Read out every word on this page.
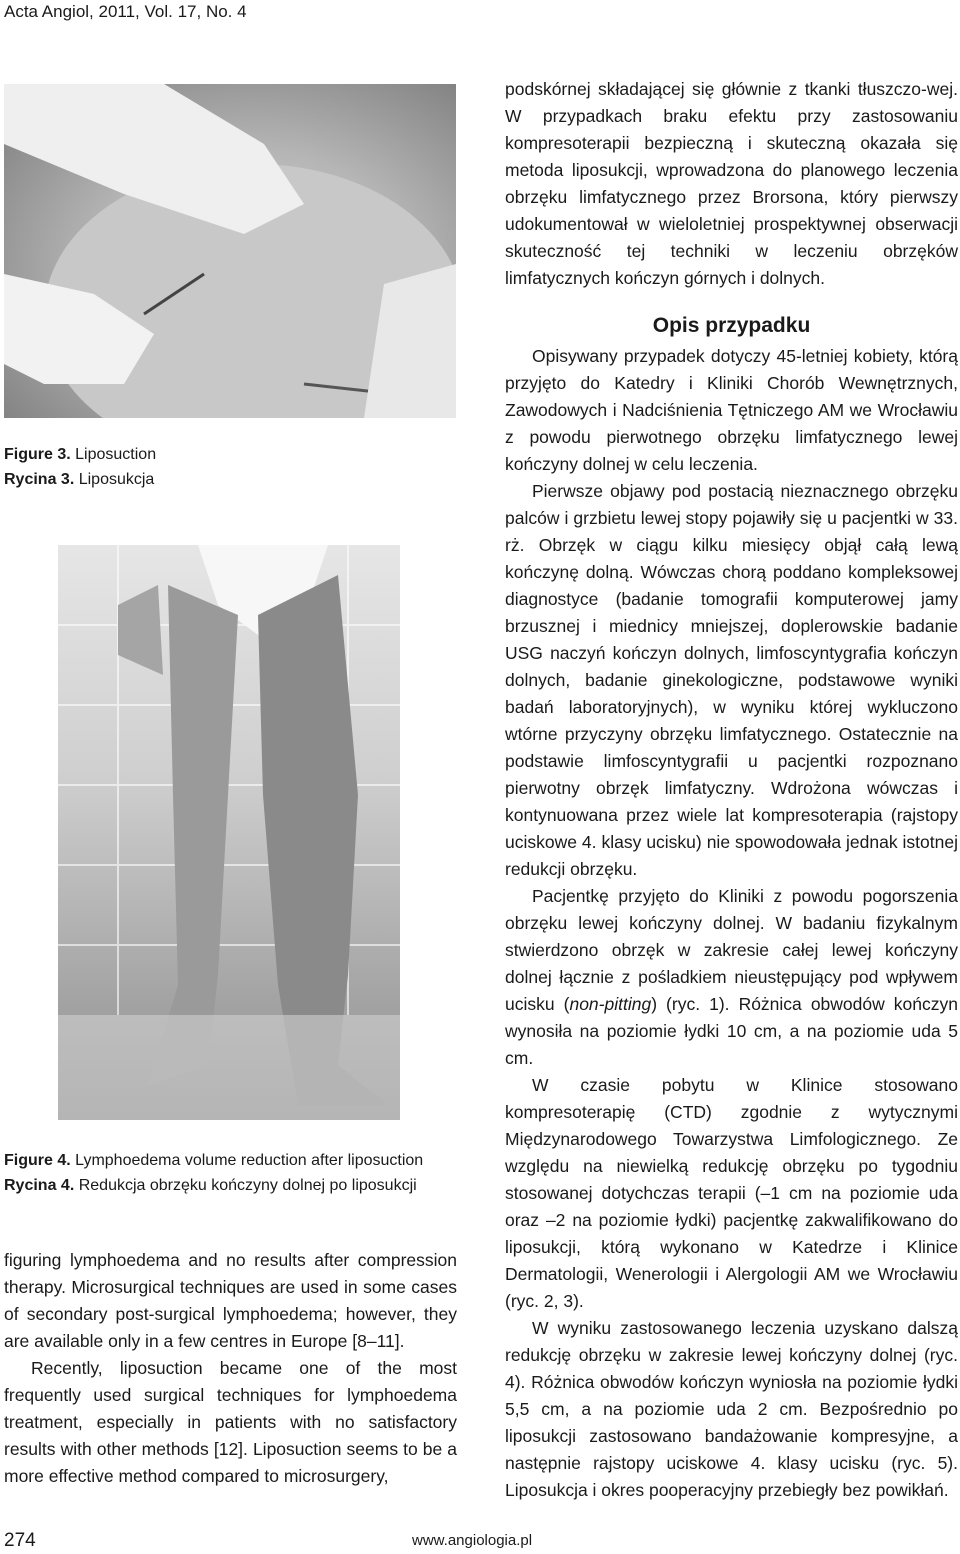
Acta Angiol, 2011, Vol. 17, No. 4
Figure 3. Liposuction
Rycina 3. Liposukcja
Figure 4. Lymphoedema volume reduction after liposuction
Rycina 4. Redukcja obrzęku kończyny dolnej po liposukcji

podskórnej składającej się głównie z tkanki tłuszczo-wej. W przypadkach braku efektu przy zastosowaniu kompresoterapii bezpieczną i skuteczną okazała się metoda liposukcji, wprowadzona do planowego leczenia obrzęku limfatycznego przez Brorsona, który pierwszy udokumentował w wieloletniej prospektywnej obserwacji skuteczność tej techniki w leczeniu obrzęków limfatycznych kończyn górnych i dolnych.

Opis przypadku

Opisywany przypadek dotyczy 45-letniej kobiety, którą przyjęto do Katedry i Kliniki Chorób Wewnętrznych, Zawodowych i Nadciśnienia Tętniczego AM we Wrocławiu z powodu pierwotnego obrzęku limfatycznego lewej kończyny dolnej w celu leczenia.

Pierwsze objawy pod postacią nieznacznego obrzęku palców i grzbietu lewej stopy pojawiły się u pacjentki w 33. rż. Obrzęk w ciągu kilku miesięcy objął całą lewą kończynę dolną. Wówczas chorą poddano kompleksowej diagnostyce (badanie tomografii komputerowej jamy brzusznej i miednicy mniejszej, doplerowskie badanie USG naczyń kończyn dolnych, limfoscyntygrafia kończyn dolnych, badanie ginekologiczne, podstawowe wyniki badań laboratoryjnych), w wyniku której wykluczono wtórne przyczyny obrzęku limfatycznego. Ostatecznie na podstawie limfoscyntygrafii u pacjentki rozpoznano pierwotny obrzęk limfatyczny. Wdrożona wówczas i kontynuowana przez wiele lat kompresoterapia (rajstopy uciskowe 4. klasy ucisku) nie spowodowała jednak istotnej redukcji obrzęku.

Pacjentkę przyjęto do Kliniki z powodu pogorszenia obrzęku lewej kończyny dolnej. W badaniu fizykalnym stwierdzono obrzęk w zakresie całej lewej kończyny dolnej łącznie z pośladkiem nieustępujący pod wpływem ucisku (non-pitting) (ryc. 1). Różnica obwodów kończyn wynosiła na poziomie łydki 10 cm, a na poziomie uda 5 cm.

W czasie pobytu w Klinice stosowano kompresoterapię (CTD) zgodnie z wytycznymi Międzynarodowego Towarzystwa Limfologicznego. Ze względu na niewielką redukcję obrzęku po tygodniu stosowanej dotychczas terapii (–1 cm na poziomie uda oraz –2 na poziomie łydki) pacjentkę zakwalifikowano do liposukcji, którą wykonano w Katedrze i Klinice Dermatologii, Wenerologii i Alergologii AM we Wrocławiu (ryc. 2, 3).

W wyniku zastosowanego leczenia uzyskano dalszą redukcję obrzęku w zakresie lewej kończyny dolnej (ryc. 4). Różnica obwodów kończyn wyniosła na poziomie łydki 5,5 cm, a na poziomie uda 2 cm. Bezpośrednio po liposukcji zastosowano bandażowanie kompresyjne, a następnie rajstopy uciskowe 4. klasy ucisku (ryc. 5). Liposukcja i okres pooperacyjny przebiegły bez powikłań.

figuring lymphoedema and no results after compression therapy. Microsurgical techniques are used in some cases of secondary post-surgical lymphoedema; however, they are available only in a few centres in Europe [8–11].

Recently, liposuction became one of the most frequently used surgical techniques for lymphoedema treatment, especially in patients with no satisfactory results with other methods [12]. Liposuction seems to be a more effective method compared to microsurgery,

274	www.angiologia.pl
